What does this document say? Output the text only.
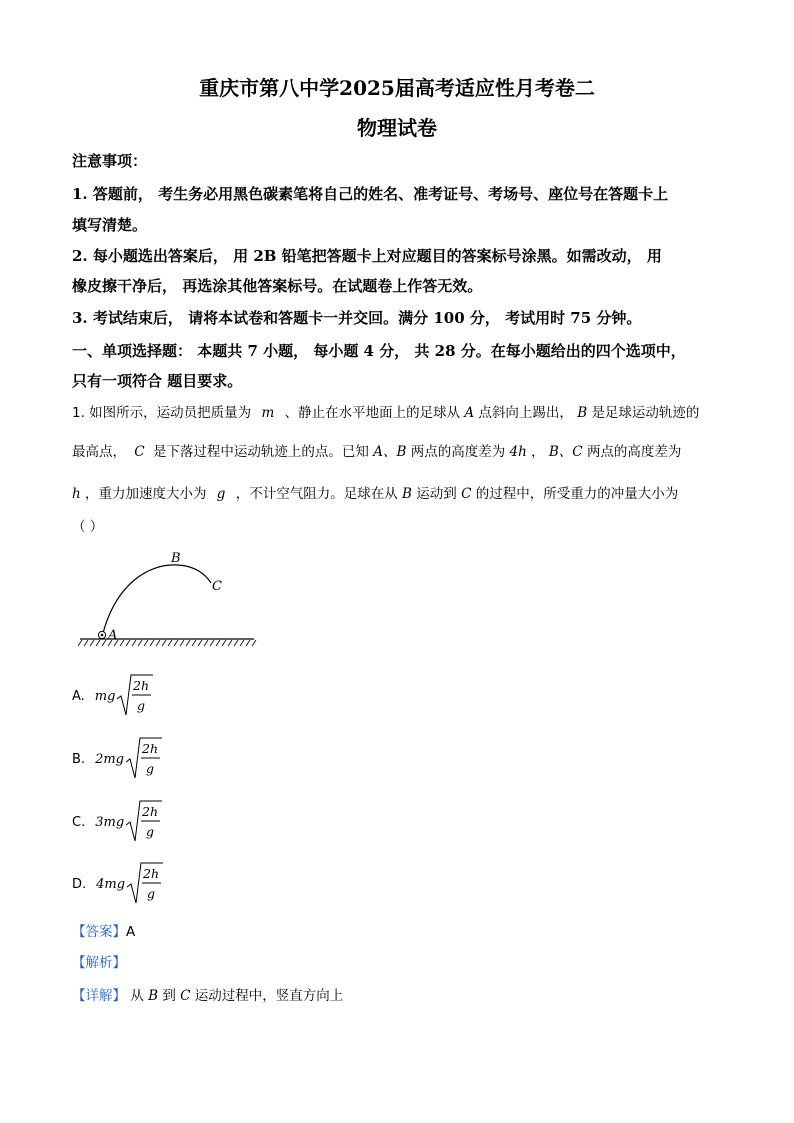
重庆市第八中学2025届高考适应性月考卷二
物理试卷
注意事项：
1. 答题前， 考生务必用黑色碳素笔将自己的姓名、准考证号、考场号、座位号在答题卡上
填写清楚。
2. 每小题选出答案后， 用 2B 铅笔把答题卡上对应题目的答案标号涂黑。如需改动， 用
橡皮擦干净后， 再选涂其他答案标号。在试题卷上作答无效。
3. 考试结束后， 请将本试卷和答题卡一并交回。满分 100 分， 考试用时 75 分钟。
一、单项选择题： 本题共 7 小题， 每小题 4 分， 共 28 分。在每小题给出的四个选项中，
只有一项符合 题目要求。
1. 如图所示，运动员把质量为 m 、静止在水平地面上的足球从 A 点斜向上踢出， B 是足球运动轨迹的
最高点， C 是下落过程中运动轨迹上的点。已知 A、B 两点的高度差为 4h ， B、C 两点的高度差为
h ，重力加速度大小为 g ，不计空气阻力。足球在从 B 运动到 C 的过程中，所受重力的冲量大小为
（ ）
A
B
C
A. mg
2h
g
B. 2mg
2h
g
C. 3mg
2h
g
D. 4mg
2h
g
【答案】A
【解析】
【详解】 从 B 到 C 运动过程中，竖直方向上
